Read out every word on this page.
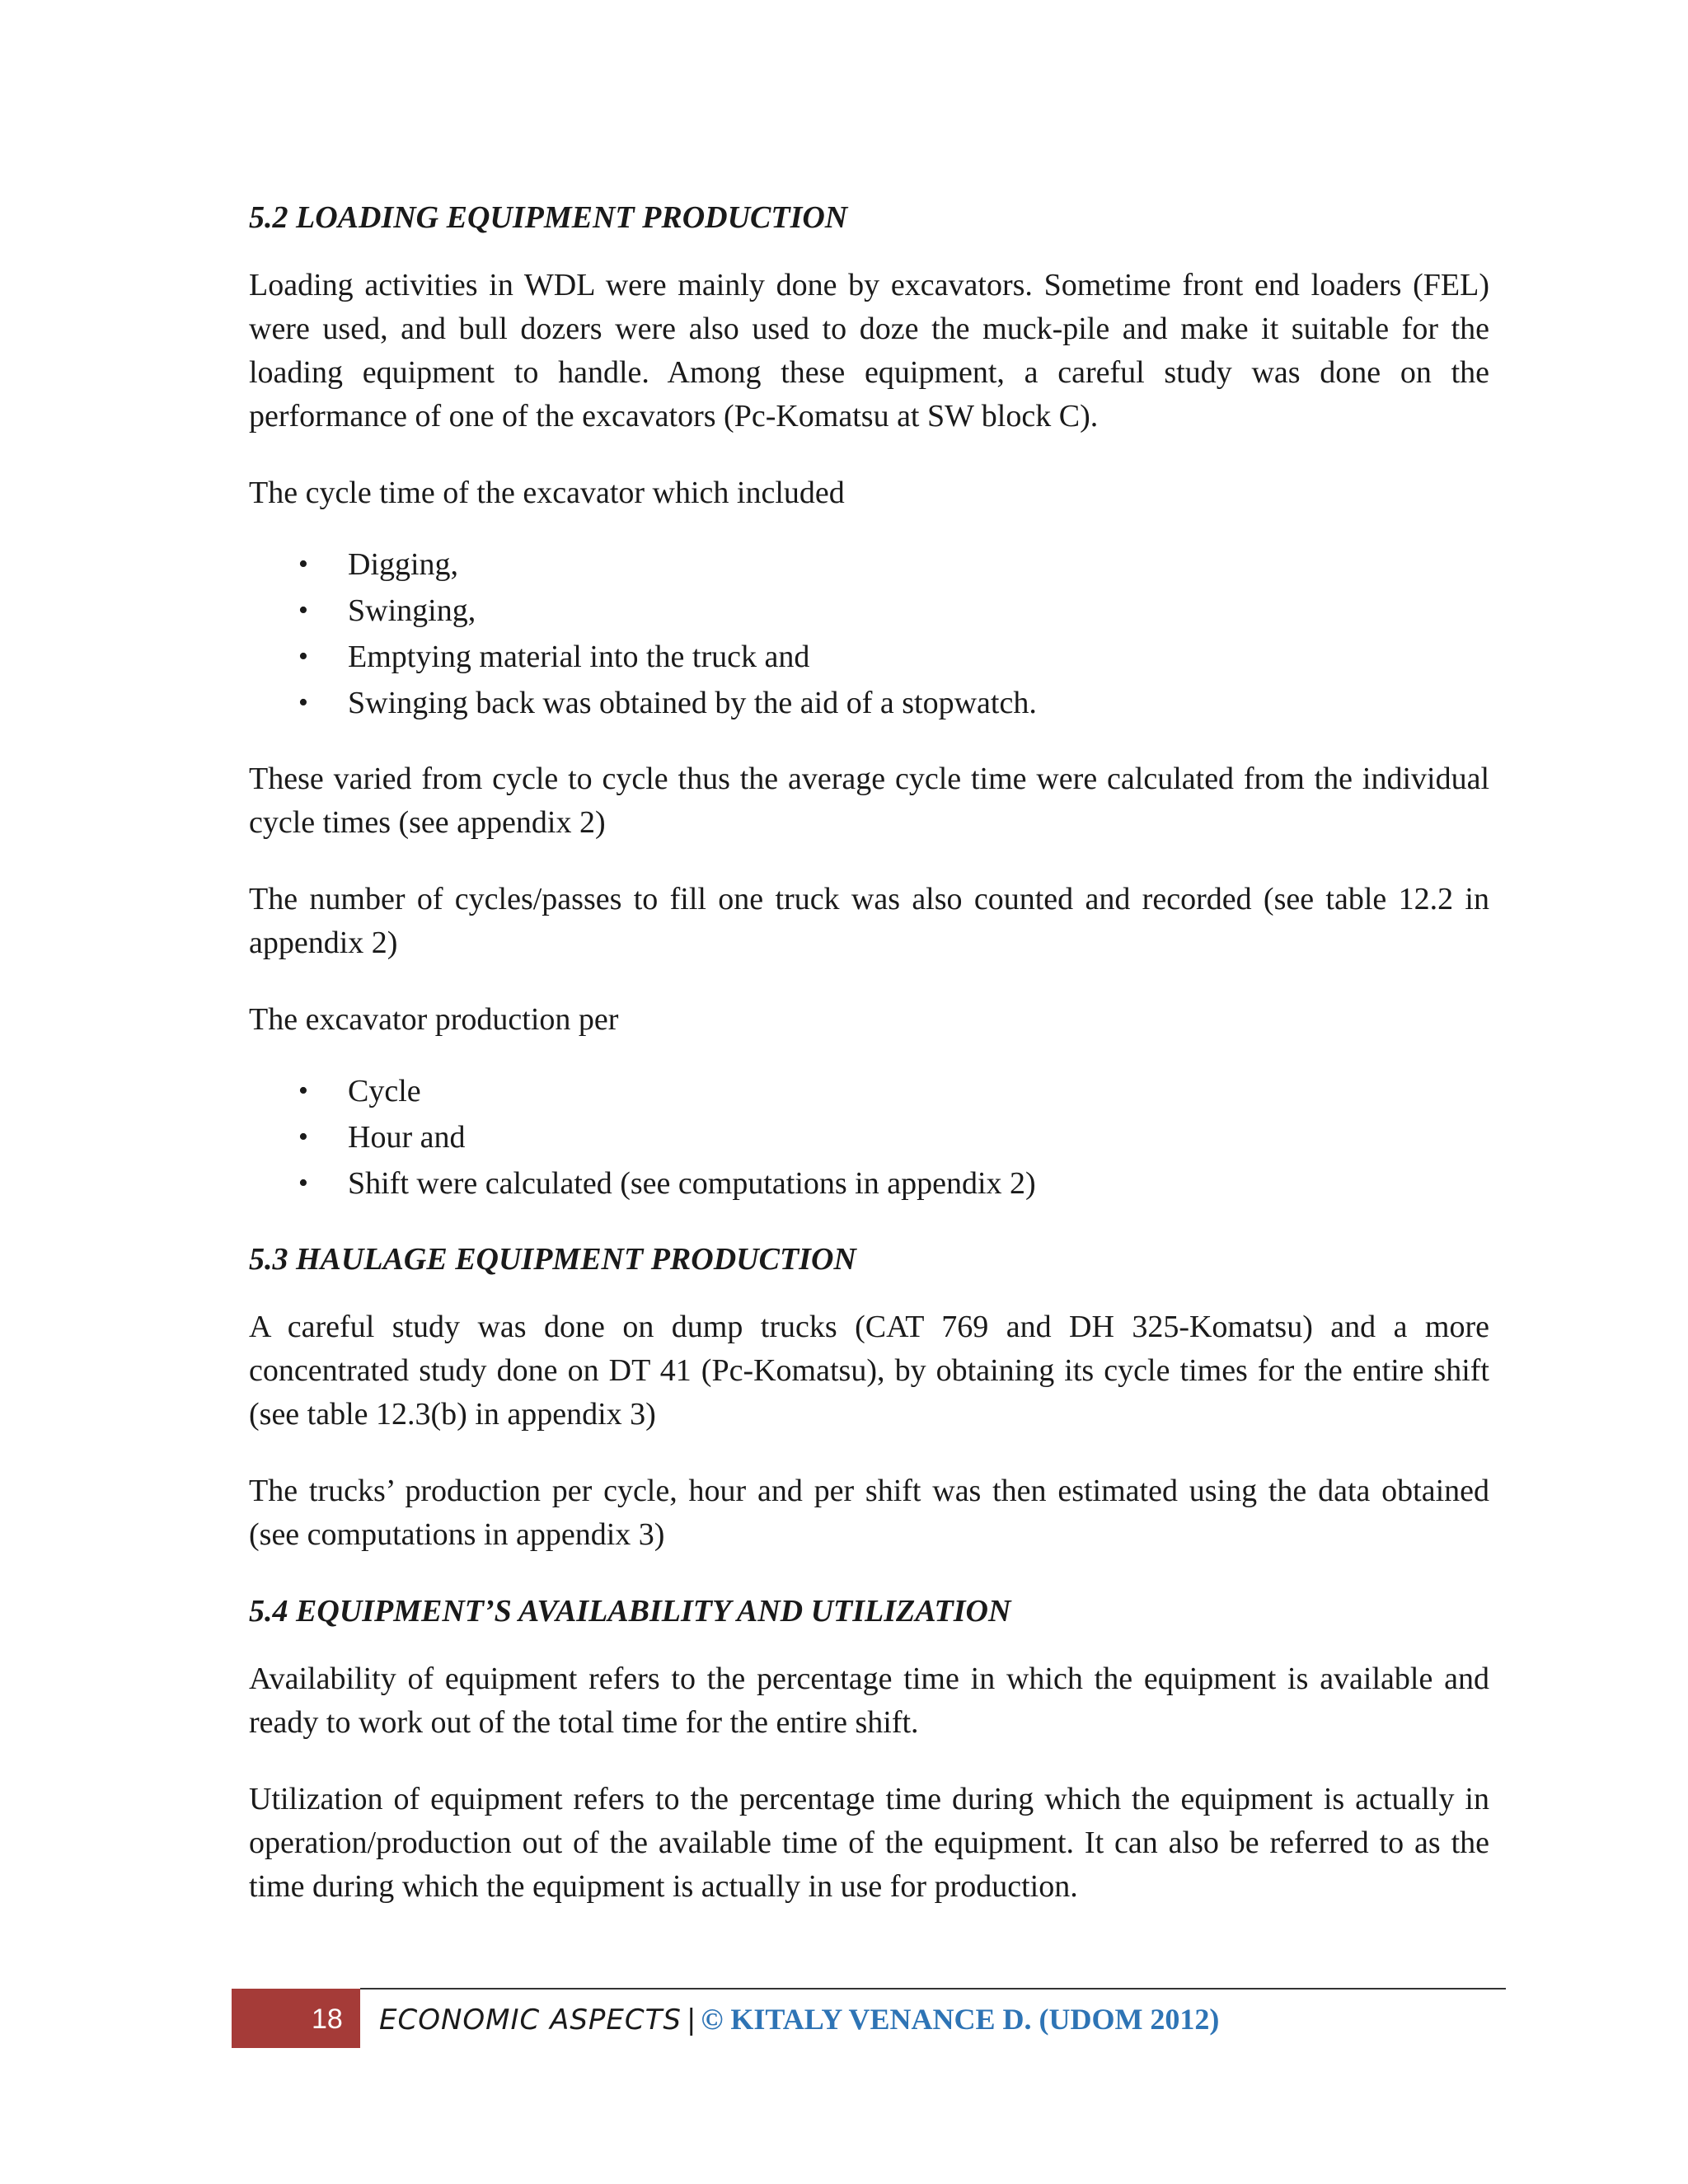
5.2 LOADING EQUIPMENT PRODUCTION

Loading activities in WDL were mainly done by excavators. Sometime front end loaders (FEL) were used, and bull dozers were also used to doze the muck-pile and make it suitable for the loading equipment to handle. Among these equipment, a careful study was done on the performance of one of the excavators (Pc-Komatsu at SW block C).

The cycle time of the excavator which included

• Digging,
• Swinging,
• Emptying material into the truck and
• Swinging back was obtained by the aid of a stopwatch.

These varied from cycle to cycle thus the average cycle time were calculated from the individual cycle times (see appendix 2)

The number of cycles/passes to fill one truck was also counted and recorded (see table 12.2 in appendix 2)

The excavator production per

• Cycle
• Hour and
• Shift were calculated (see computations in appendix 2)
5.3 HAULAGE EQUIPMENT PRODUCTION

A careful study was done on dump trucks (CAT 769 and DH 325-Komatsu) and a more concentrated study done on DT 41 (Pc-Komatsu), by obtaining its cycle times for the entire shift (see table 12.3(b) in appendix 3)

The trucks’ production per cycle, hour and per shift was then estimated using the data obtained (see computations in appendix 3)

5.4 EQUIPMENT’S AVAILABILITY AND UTILIZATION

Availability of equipment refers to the percentage time in which the equipment is available and ready to work out of the total time for the entire shift.

Utilization of equipment refers to the percentage time during which the equipment is actually in operation/production out of the available time of the equipment. It can also be referred to as the time during which the equipment is actually in use for production.

18 ECONOMIC ASPECTS | © KITALY VENANCE D. (UDOM 2012)
